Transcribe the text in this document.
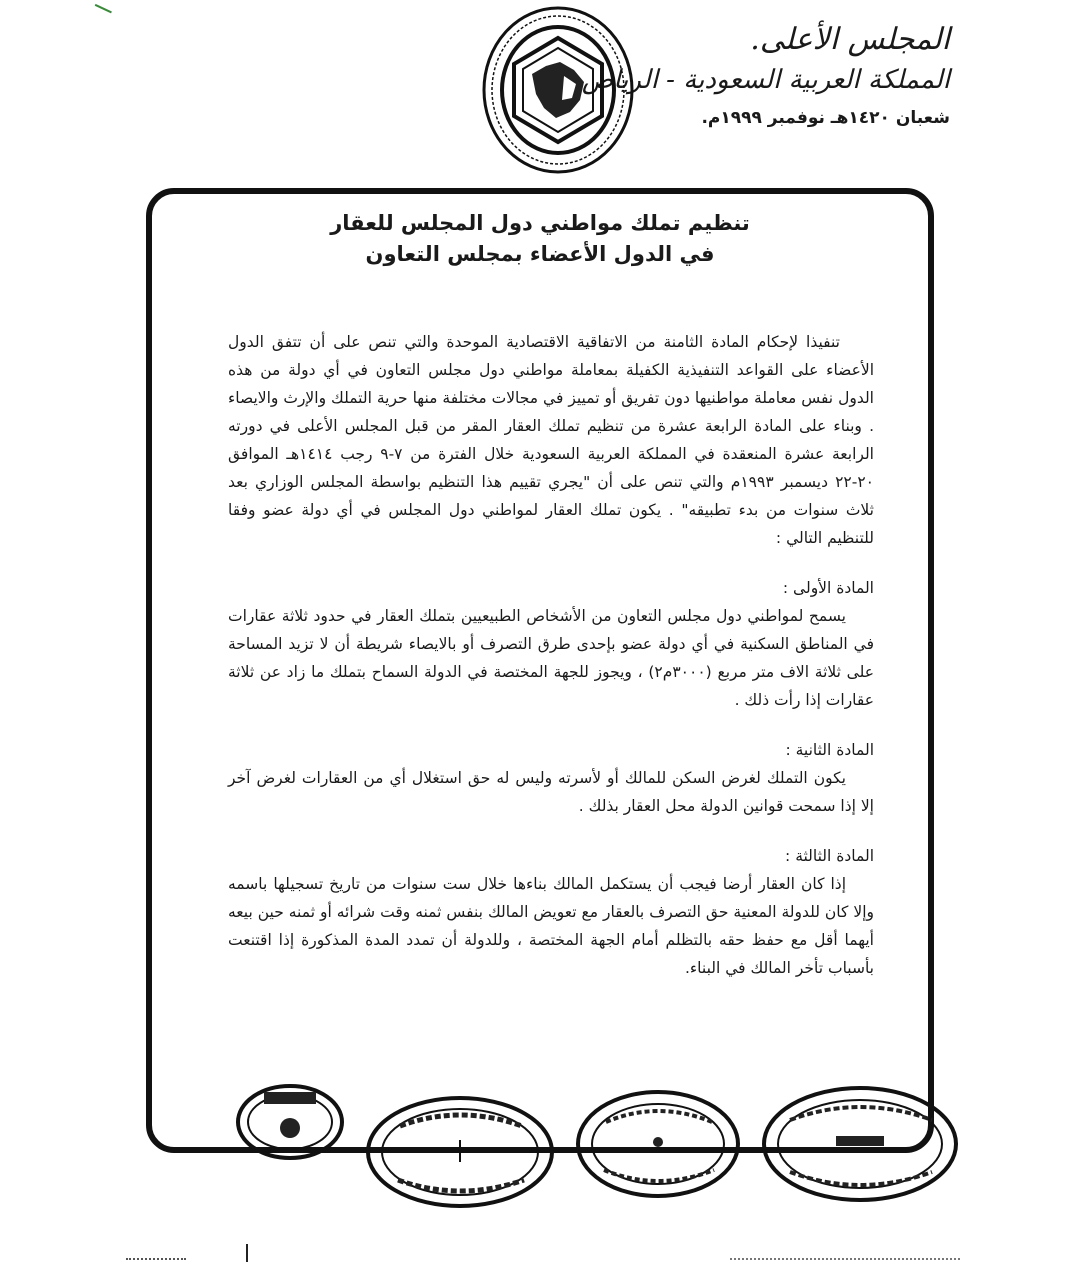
المجلس الأعلى.
المملكة العربية السعودية - الرياض
شعبان ١٤٢٠هـ نوفمبر ١٩٩٩م.
تنظيم تملك مواطني دول المجلس للعقار
في الدول الأعضاء بمجلس التعاون

تنفيذا لإحكام المادة الثامنة من الاتفاقية الاقتصادية الموحدة والتي تنص على أن تتفق الدول الأعضاء على القواعد التنفيذية الكفيلة بمعاملة مواطني دول مجلس التعاون في أي دولة من هذه الدول نفس معاملة مواطنيها دون تفريق أو تمييز في مجالات مختلفة منها حرية التملك والإرث والايصاء . وبناء على المادة الرابعة عشرة من تنظيم تملك العقار المقر من قبل المجلس الأعلى في دورته الرابعة عشرة المنعقدة في المملكة العربية السعودية خلال الفترة من ٧-٩ رجب ١٤١٤هـ الموافق ٢٠-٢٢ ديسمبر ١٩٩٣م والتي تنص على أن "يجري تقييم هذا التنظيم بواسطة المجلس الوزاري بعد ثلاث سنوات من بدء تطبيقه" . يكون تملك العقار لمواطني دول المجلس في أي دولة عضو وفقا للتنظيم التالي :

المادة الأولى :

يسمح لمواطني دول مجلس التعاون من الأشخاص الطبيعيين بتملك العقار في حدود ثلاثة عقارات في المناطق السكنية في أي دولة عضو بإحدى طرق التصرف أو بالايصاء شريطة أن لا تزيد المساحة على ثلاثة الاف متر مربع (٣٠٠٠م٢) ، ويجوز للجهة المختصة في الدولة السماح بتملك ما زاد عن ثلاثة عقارات إذا رأت ذلك .

المادة الثانية :

يكون التملك لغرض السكن للمالك أو لأسرته وليس له حق استغلال أي من العقارات لغرض آخر إلا إذا سمحت قوانين الدولة محل العقار بذلك .

المادة الثالثة :

إذا كان العقار أرضا فيجب أن يستكمل المالك بناءها خلال ست سنوات من تاريخ تسجيلها باسمه وإلا كان للدولة المعنية حق التصرف بالعقار مع تعويض المالك بنفس ثمنه وقت شرائه أو ثمنه حين بيعه أيهما أقل مع حفظ حقه بالتظلم أمام الجهة المختصة ، وللدولة أن تمدد المدة المذكورة إذا اقتنعت بأسباب تأخر المالك في البناء.
